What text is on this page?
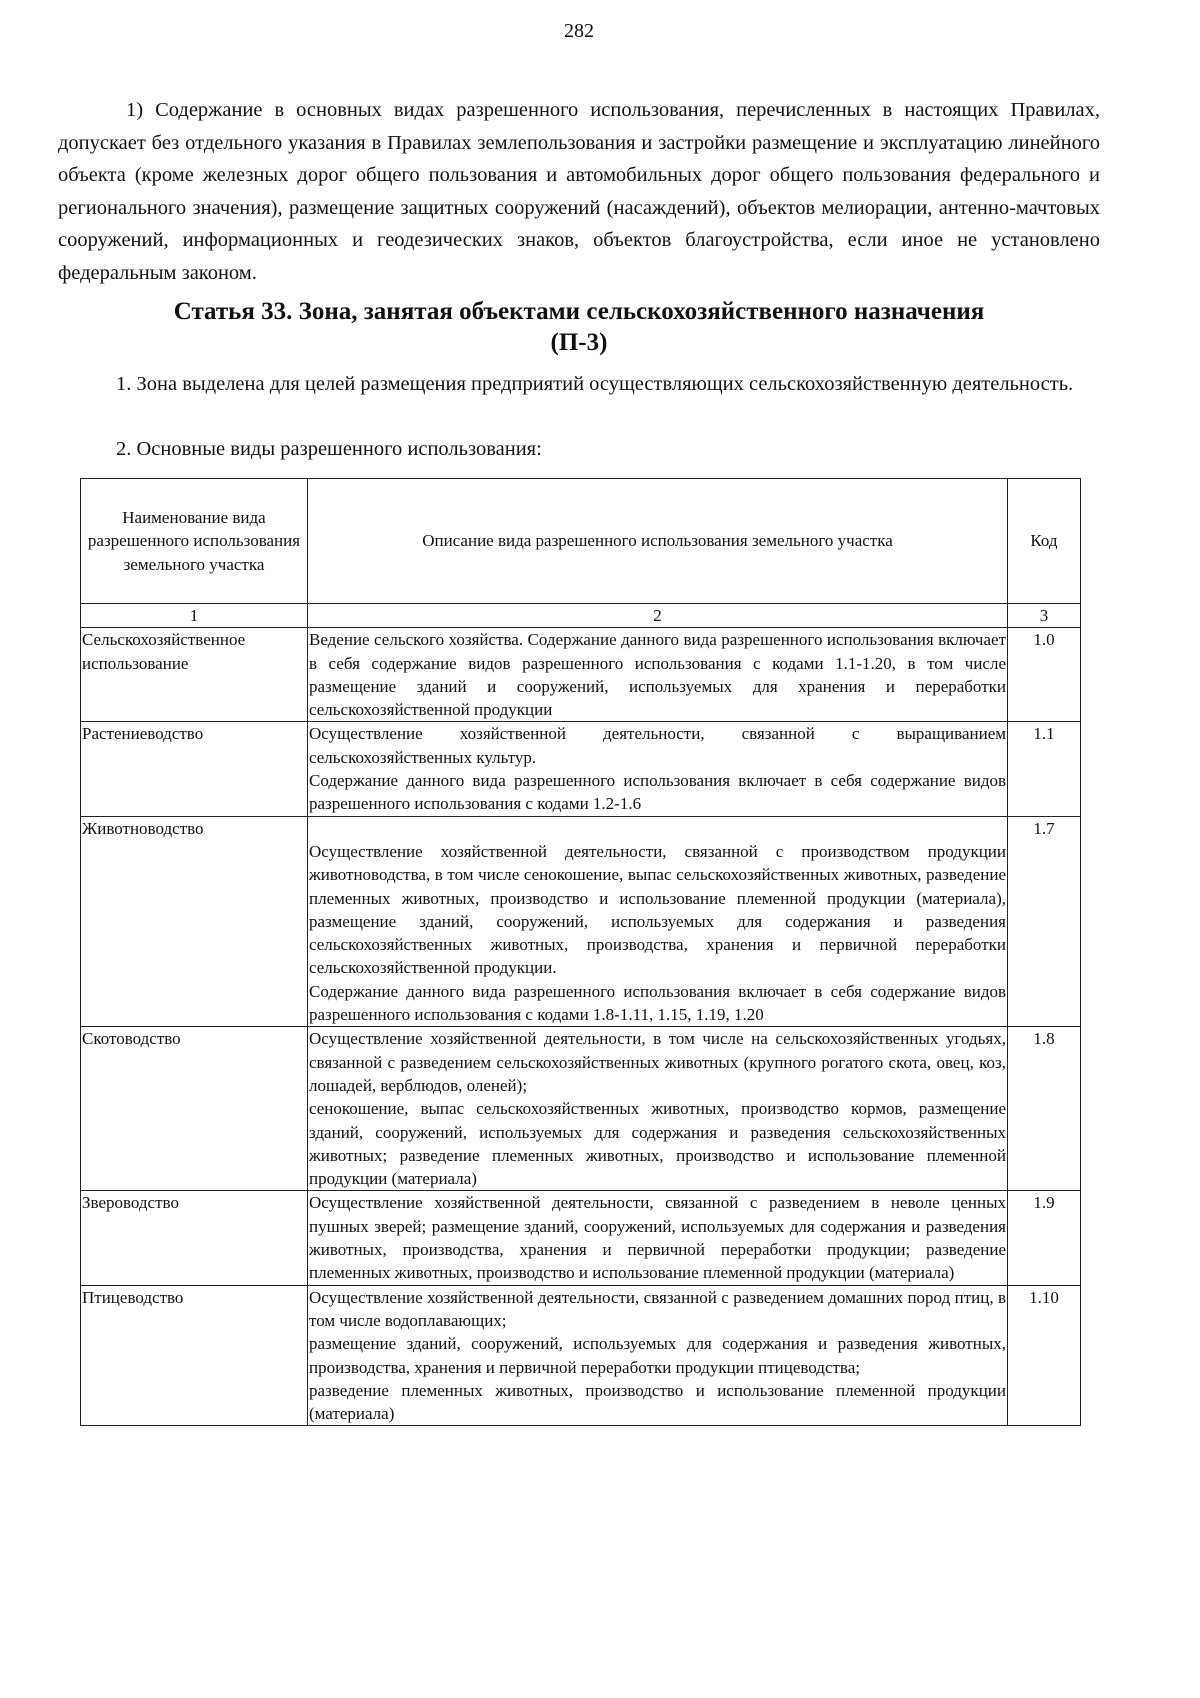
282
1) Содержание в основных видах разрешенного использования, перечисленных в настоящих Правилах, допускает без отдельного указания в Правилах землепользования и застройки размещение и эксплуатацию линейного объекта (кроме железных дорог общего пользования и автомобильных дорог общего пользования федерального и регионального значения), размещение защитных сооружений (насаждений), объектов мелиорации, антенно-мачтовых сооружений, информационных и геодезических знаков, объектов благоустройства, если иное не установлено федеральным законом.
Статья 33. Зона, занятая объектами сельскохозяйственного назначения
(П-3)
1. Зона выделена для целей размещения предприятий осуществляющих сельскохозяйственную деятельность.
2. Основные виды разрешенного использования:
Наименование вида разрешенного использования земельного участка	Описание вида разрешенного использования земельного участка	Код
1	2	3
Сельскохозяйственное использование	Ведение сельского хозяйства. Содержание данного вида разрешенного использования включает в себя содержание видов разрешенного использования с кодами 1.1-1.20, в том числе размещение зданий и сооружений, используемых для хранения и переработки сельскохозяйственной продукции	1.0
Растениеводство	Осуществление хозяйственной деятельности, связанной с выращиванием сельскохозяйственных культур.
Содержание данного вида разрешенного использования включает в себя содержание видов разрешенного использования с кодами 1.2-1.6	1.1
Животноводство	Осуществление хозяйственной деятельности, связанной с производством продукции животноводства, в том числе сенокошение, выпас сельскохозяйственных животных, разведение племенных животных, производство и использование племенной продукции (материала), размещение зданий, сооружений, используемых для содержания и разведения сельскохозяйственных животных, производства, хранения и первичной переработки сельскохозяйственной продукции.
Содержание данного вида разрешенного использования включает в себя содержание видов разрешенного использования с кодами 1.8-1.11, 1.15, 1.19, 1.20	1.7
Скотоводство	Осуществление хозяйственной деятельности, в том числе на сельскохозяйственных угодьях, связанной с разведением сельскохозяйственных животных (крупного рогатого скота, овец, коз, лошадей, верблюдов, оленей);
сенокошение, выпас сельскохозяйственных животных, производство кормов, размещение зданий, сооружений, используемых для содержания и разведения сельскохозяйственных животных; разведение племенных животных, производство и использование племенной продукции (материала)	1.8
Звероводство	Осуществление хозяйственной деятельности, связанной с разведением в неволе ценных пушных зверей; размещение зданий, сооружений, используемых для содержания и разведения животных, производства, хранения и первичной переработки продукции; разведение племенных животных, производство и использование племенной продукции (материала)	1.9
Птицеводство	Осуществление хозяйственной деятельности, связанной с разведением домашних пород птиц, в том числе водоплавающих;
размещение зданий, сооружений, используемых для содержания и разведения животных, производства, хранения и первичной переработки продукции птицеводства;
разведение племенных животных, производство и использование племенной продукции (материала)	1.10
